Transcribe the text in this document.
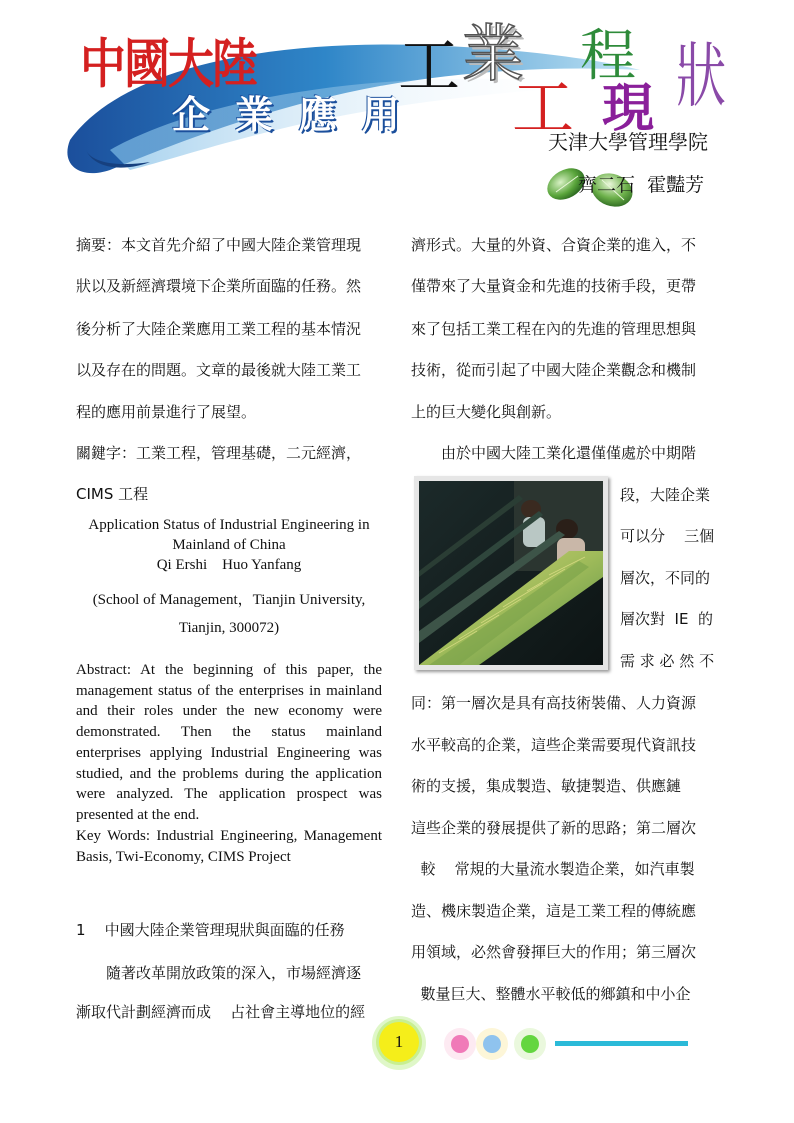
中國大陸
企 業 應 用
工 業 程
工 現 狀
天津大學管理學院
齊二石  霍豔芳
摘要：本文首先介紹了中國大陸企業管理現
狀以及新經濟環境下企業所面臨的任務。然
後分析了大陸企業應用工業工程的基本情況
以及存在的問題。文章的最後就大陸工業工
程的應用前景進行了展望。
關鍵字：工業工程，管理基礎，二元經濟，
CIMS 工程
Application Status of Industrial Engineering in
Mainland of China
Qi Ershi    Huo Yanfang
(School of Management，Tianjin University,
Tianjin, 300072)
Abstract: At the beginning of this paper, the management status of the enterprises in mainland and their roles under the new economy were demonstrated. Then the status mainland enterprises applying Industrial Engineering was studied, and the problems during the application were analyzed. The application prospect was presented at the end.
Key Words: Industrial Engineering, Management Basis, Twi-Economy, CIMS Project
1    中國大陸企業管理現狀與面臨的任務
隨著改革開放政策的深入，市場經濟逐
漸取代計劃經濟而成    占社會主導地位的經
濟形式。大量的外資、合資企業的進入，不
僅帶來了大量資金和先進的技術手段，更帶
來了包括工業工程在內的先進的管理思想與
技術，從而引起了中國大陸企業觀念和機制
上的巨大變化與創新。
由於中國大陸工業化還僅僅處於中期階
段，大陸企業
可以分    三個
層次，不同的
層次對  IE  的
需 求 必 然 不
同：第一層次是具有高技術裝備、人力資源
水平較高的企業，這些企業需要現代資訊技
術的支援，集成製造、敏捷製造、供應鏈
這些企業的發展提供了新的思路；第二層次
較    常規的大量流水製造企業，如汽車製
造、機床製造企業，這是工業工程的傳統應
用領域，必然會發揮巨大的作用；第三層次
數量巨大、整體水平較低的鄉鎮和中小企
1
